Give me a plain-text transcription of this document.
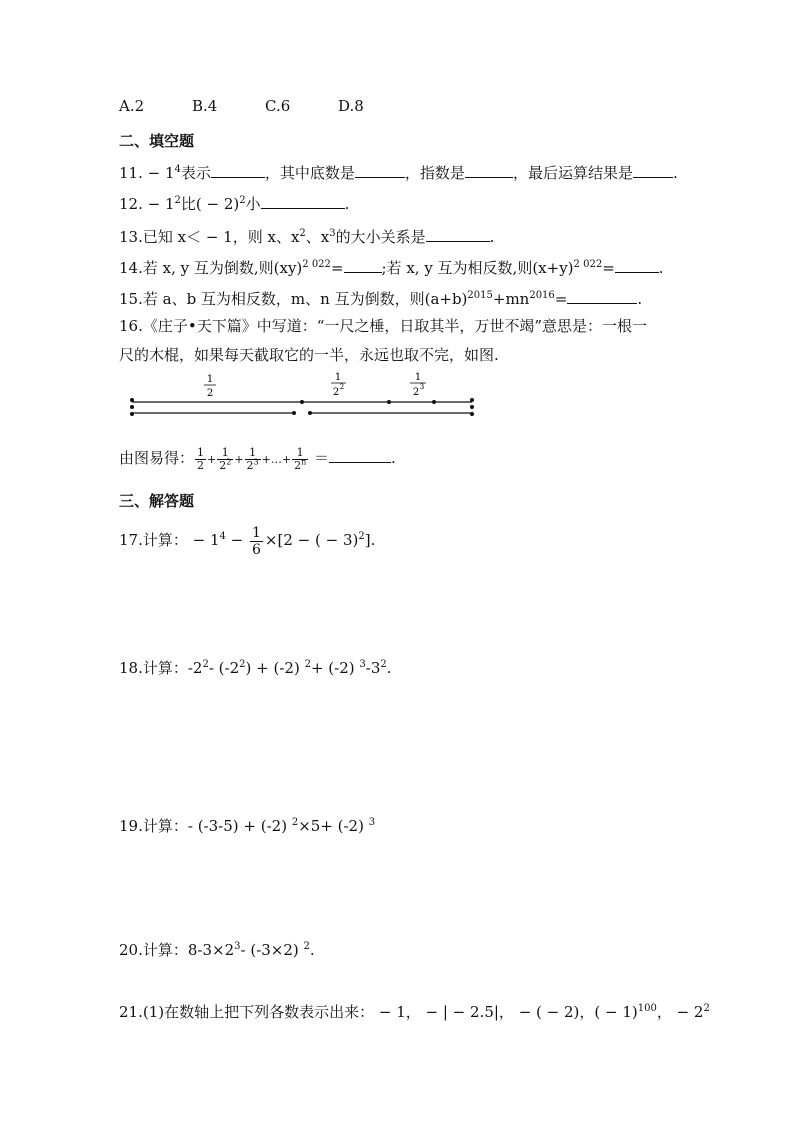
A.2	B.4	C.6	D.8
二、填空题
11. − $1^4$表示	，其中底数是	，指数是	，最后运算结果是	.
12. − $1^2$比( − 2)$^2$小	.
13.已知 x＜ − 1，则 x、$x^2$、$x^3$的大小关系是	.
14.若 x, y 互为倒数,则(xy)$^{2 022}$=	;若 x, y 互为相反数,则$(x+y)^{2 022}=$	.
15.若 a、b 互为相反数，m、n 互为倒数，则$(a+b)^{2015}+mn^{2016}=$	.
16.《庄子•天下篇》中写道：“一尺之棰，日取其半，万世不竭”意思是：一根一
尺的木棍，如果每天截取它的一半，永远也取不完，如图.
1
2
1
2 2
1
2 3
由图易得： $\frac{1}{2} + \frac{1}{2^2} + \frac{1}{2^3}$ +…+ $\frac{1}{2^n}$ ＝	.
三、解答题
17.计算： − $1^4 - \frac{1}{6} \times[2$ − ( − 3)$^2$].
18.计算：$-2^2-$ $(-2^2) + (-2)$ $^2$+ (-2) $^3-3^2$.
19.计算：- (-3-5) + (-2) $^2$×5+ (-2) $^3$
20.计算：$8-3\times 2^3-$ (-3×2) $^2$.
21.(1)在数轴上把下列各数表示出来： − 1， − | − 2.5|， − ( − 2)，( − 1)$^{100}$， − $2^2$
